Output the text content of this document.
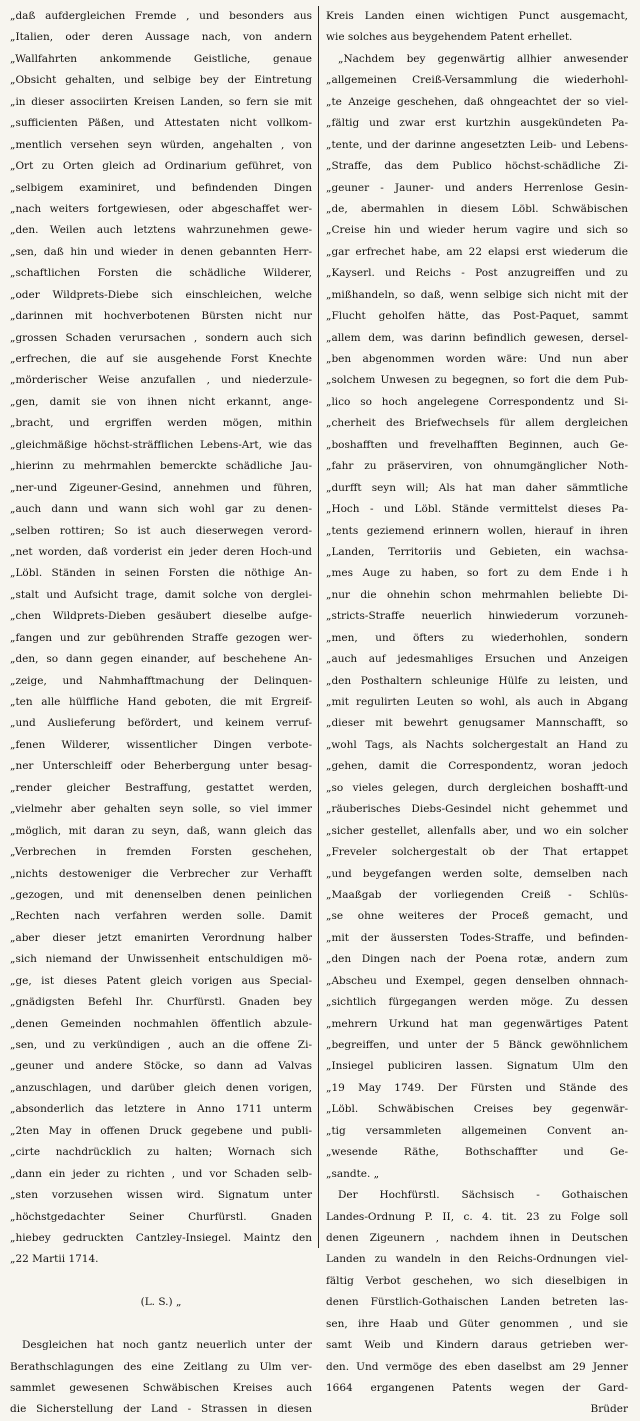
„daß aufdergleichen Fremde , und besonders aus
„Italien, oder deren Aussage nach, von andern
„Wallfahrten ankommende Geistliche, genaue
„Obsicht gehalten, und selbige bey der Eintretung
„in dieser associirten Kreisen Landen, so fern sie mit
„sufficienten Päßen, und Attestaten nicht vollkom-
„mentlich versehen seyn würden, angehalten , von
„Ort zu Orten gleich ad Ordinarium geführet, von
„selbigem examiniret, und befindenden Dingen
„nach weiters fortgewiesen, oder abgeschaffet wer-
„den. Weilen auch letztens wahrzunehmen gewe-
„sen, daß hin und wieder in denen gebannten Herr-
„schaftlichen Forsten die schädliche Wilderer,
„oder Wildprets-Diebe sich einschleichen, welche
„darinnen mit hochverbotenen Bürsten nicht nur
„grossen Schaden verursachen , sondern auch sich
„erfrechen, die auf sie ausgehende Forst Knechte
„mörderischer Weise anzufallen , und niederzule-
„gen, damit sie von ihnen nicht erkannt, ange-
„bracht, und ergriffen werden mögen, mithin
„gleichmäßige höchst-sträfflichen Lebens-Art, wie das
„hierinn zu mehrmahlen bemerckte schädliche Jau-
„ner-und Zigeuner-Gesind, annehmen und führen,
„auch dann und wann sich wohl gar zu denen-
„selben rottiren; So ist auch dieserwegen verord-
„net worden, daß vorderist ein jeder deren Hoch-und
„Löbl. Ständen in seinen Forsten die nöthige An-
„stalt und Aufsicht trage, damit solche von derglei-
„chen Wildprets-Dieben gesäubert dieselbe aufge-
„fangen und zur gebührenden Straffe gezogen wer-
„den, so dann gegen einander, auf beschehene An-
„zeige, und Nahmhafftmachung der Delinquen-
„ten alle hülffliche Hand geboten, die mit Ergreif-
„und Auslieferung befördert, und keinem verruf-
„fenen Wilderer, wissentlicher Dingen verbote-
„ner Unterschleiff oder Beherbergung unter besag-
„render gleicher Bestraffung, gestattet werden,
„vielmehr aber gehalten seyn solle, so viel immer
„möglich, mit daran zu seyn, daß, wann gleich das
„Verbrechen in fremden Forsten geschehen,
„nichts destoweniger die Verbrecher zur Verhafft
„gezogen, und mit denenselben denen peinlichen
„Rechten nach verfahren werden solle. Damit
„aber dieser jetzt emanirten Verordnung halber
„sich niemand der Unwissenheit entschuldigen mö-
„ge, ist dieses Patent gleich vorigen aus Special-
„gnädigsten Befehl Ihr. Churfürstl. Gnaden bey
„denen Gemeinden nochmahlen öffentlich abzule-
„sen, und zu verkündigen , auch an die offene Zi-
„geuner und andere Stöcke, so dann ad Valvas
„anzuschlagen, und darüber gleich denen vorigen,
„absonderlich das letztere in Anno 1711 unterm
„2ten May in offenen Druck gegebene und publi-
„cirte nachdrücklich zu halten; Wornach sich
„dann ein jeder zu richten , und vor Schaden selb-
„sten vorzusehen wissen wird. Signatum unter
„höchstgedachter Seiner Churfürstl. Gnaden
„hiebey gedruckten Cantzley-Insiegel. Maintz den
„22 Martii 1714.
(L. S.) „
Desgleichen hat noch gantz neuerlich unter der
Berathschlagungen des eine Zeitlang zu Ulm ver-
sammlet gewesenen Schwäbischen Kreises auch
die Sicherstellung der Land - Strassen in diesen
Kreis Landen einen wichtigen Punct ausgemacht,
wie solches aus beygehendem Patent erhellet.
„Nachdem bey gegenwärtig allhier anwesender
„allgemeinen Creiß-Versammlung die wiederhohl-
„te Anzeige geschehen, daß ohngeachtet der so viel-
„fältig und zwar erst kurtzhin ausgekündeten Pa-
„tente, und der darinne angesetzten Leib- und Lebens-
„Straffe, das dem Publico höchst-schädliche Zi-
„geuner - Jauner- und anders Herrenlose Gesin-
„de, abermahlen in diesem Löbl. Schwäbischen
„Creise hin und wieder herum vagire und sich so
„gar erfrechet habe, am 22 elapsi erst wiederum die
„Kayserl. und Reichs - Post anzugreiffen und zu
„mißhandeln, so daß, wenn selbige sich nicht mit der
„Flucht geholfen hätte, das Post-Paquet, sammt
„allem dem, was darinn befindlich gewesen, dersel-
„ben abgenommen worden wäre: Und nun aber
„solchem Unwesen zu begegnen, so fort die dem Pub-
„lico so hoch angelegene Correspondentz und Si-
„cherheit des Briefwechsels für allem dergleichen
„boshafften und frevelhafften Beginnen, auch Ge-
„fahr zu präserviren, von ohnumgänglicher Noth-
„durfft seyn will; Als hat man daher sämmtliche
„Hoch - und Löbl. Stände vermittelst dieses Pa-
„tents geziemend erinnern wollen, hierauf in ihren
„Landen, Territoriis und Gebieten, ein wachsa-
„mes Auge zu haben, so fort zu dem Ende i h
„nur die ohnehin schon mehrmahlen beliebte Di-
„stricts-Straffe neuerlich hinwiederum vorzuneh-
„men, und öfters zu wiederhohlen, sondern
„auch auf jedesmahliges Ersuchen und Anzeigen
„den Posthaltern schleunige Hülfe zu leisten, und
„mit regulirten Leuten so wohl, als auch in Abgang
„dieser mit bewehrt genugsamer Mannschafft, so
„wohl Tags, als Nachts solchergestalt an Hand zu
„gehen, damit die Correspondentz, woran jedoch
„so vieles gelegen, durch dergleichen boshafft-und
„räuberisches Diebs-Gesindel nicht gehemmet und
„sicher gestellet, allenfalls aber, und wo ein solcher
„Freveler solchergestalt ob der That ertappet
„und beygefangen werden solte, demselben nach
„Maaßgab der vorliegenden Creiß - Schlüs-
„se ohne weiteres der Proceß gemacht, und
„mit der äussersten Todes-Straffe, und befinden-
„den Dingen nach der Poena rotæ, andern zum
„Abscheu und Exempel, gegen denselben ohnnach-
„sichtlich fürgegangen werden möge. Zu dessen
„mehrern Urkund hat man gegenwärtiges Patent
„begreiffen, und unter der 5 Bänck gewöhnlichem
„Insiegel publiciren lassen. Signatum Ulm den
„19 May 1749. Der Fürsten und Stände des
„Löbl. Schwäbischen Creises bey gegenwär-
„tig versammleten allgemeinen Convent an-
„wesende Räthe, Bothschaffter und Ge-
„sandte. „
Der Hochfürstl. Sächsisch - Gothaischen
Landes-Ordnung P. II, c. 4. tit. 23 zu Folge soll
denen Zigeunern , nachdem ihnen in Deutschen
Landen zu wandeln in den Reichs-Ordnungen viel-
fältig Verbot geschehen, wo sich dieselbigen in
denen Fürstlich-Gothaischen Landen betreten las-
sen, ihre Haab und Güter genommen , und sie
samt Weib und Kindern daraus getrieben wer-
den. Und vermöge des eben daselbst am 29 Jenner
1664 ergangenen Patents wegen der Gard-
Brüder
